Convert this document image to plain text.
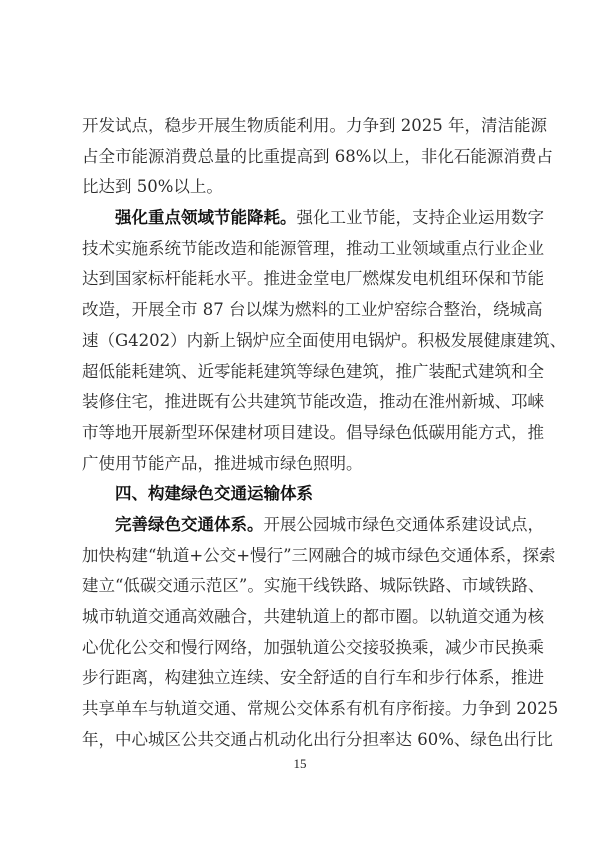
开发试点，稳步开展生物质能利用。力争到 2025 年，清洁能源
占全市能源消费总量的比重提高到 68%以上，非化石能源消费占
比达到 50%以上。
强化重点领域节能降耗。强化工业节能，支持企业运用数字
技术实施系统节能改造和能源管理，推动工业领域重点行业企业
达到国家标杆能耗水平。推进金堂电厂燃煤发电机组环保和节能
改造，开展全市 87 台以煤为燃料的工业炉窑综合整治，绕城高
速（G4202）内新上锅炉应全面使用电锅炉。积极发展健康建筑、
超低能耗建筑、近零能耗建筑等绿色建筑，推广装配式建筑和全
装修住宅，推进既有公共建筑节能改造，推动在淮州新城、邛崃
市等地开展新型环保建材项目建设。倡导绿色低碳用能方式，推
广使用节能产品，推进城市绿色照明。
四、构建绿色交通运输体系
完善绿色交通体系。开展公园城市绿色交通体系建设试点，
加快构建“轨道+公交+慢行”三网融合的城市绿色交通体系，探索
建立“低碳交通示范区”。实施干线铁路、城际铁路、市域铁路、
城市轨道交通高效融合，共建轨道上的都市圈。以轨道交通为核
心优化公交和慢行网络，加强轨道公交接驳换乘，减少市民换乘
步行距离，构建独立连续、安全舒适的自行车和步行体系，推进
共享单车与轨道交通、常规公交体系有机有序衔接。力争到 2025
年，中心城区公共交通占机动化出行分担率达 60%、绿色出行比
15
